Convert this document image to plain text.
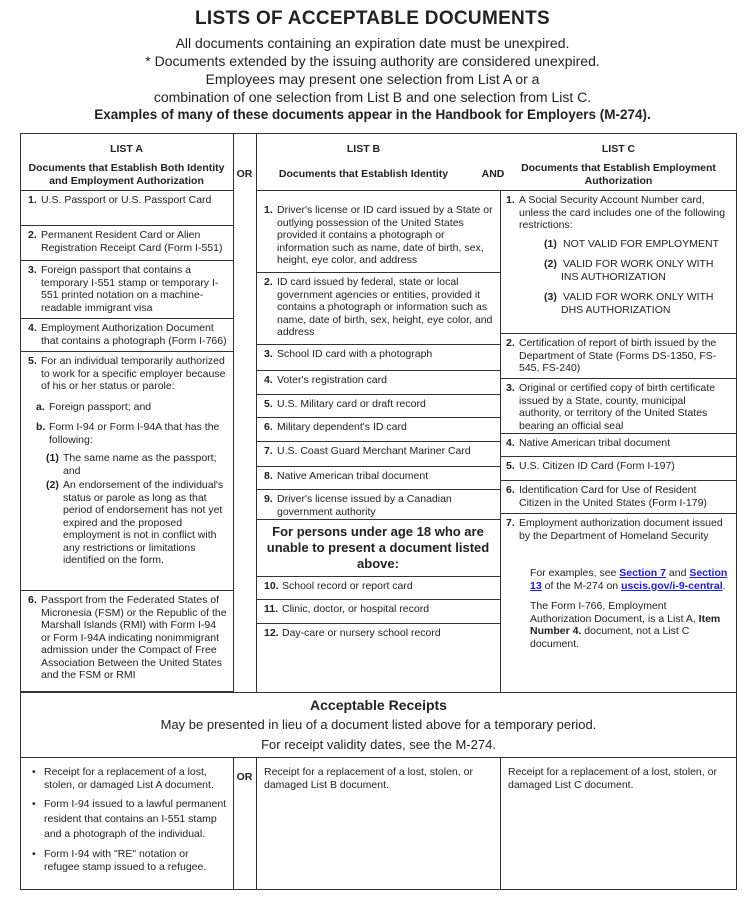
LISTS OF ACCEPTABLE DOCUMENTS
All documents containing an expiration date must be unexpired.
* Documents extended by the issuing authority are considered unexpired.
Employees may present one selection from List A or a
combination of one selection from List B and one selection from List C.
Examples of many of these documents appear in the Handbook for Employers (M-274).
LIST A
Documents that Establish Both Identity and Employment Authorization
OR
LIST B
Documents that Establish Identity	AND
LIST C
Documents that Establish Employment Authorization
For persons under age 18 who are unable to present a document listed above:
Acceptable Receipts
May be presented in lieu of a document listed above for a temporary period.
For receipt validity dates, see the M-274.
• Receipt for a replacement of a lost, stolen, or damaged List A document.
• Form I-94 issued to a lawful permanent resident that contains an I-551 stamp and a photograph of the individual.
• Form I-94 with "RE" notation or refugee stamp issued to a refugee.
OR	Receipt for a replacement of a lost, stolen, or damaged List B document.
Receipt for a replacement of a lost, stolen, or damaged List C document.
For examples, see Section 7 and Section 13 of the M-274 on uscis.gov/i-9-central.
The Form I-766, Employment Authorization Document, is a List A, Item Number 4. document, not a List C document.
1. U.S. Passport or U.S. Passport Card
2. Permanent Resident Card or Alien Registration Receipt Card (Form I-551)
3. Foreign passport that contains a temporary I-551 stamp or temporary I-551 printed notation on a machine-readable immigrant visa
4. Employment Authorization Document that contains a photograph (Form I-766)
5. For an individual temporarily authorized to work for a specific employer because of his or her status or parole:
a. Foreign passport; and
b. Form I-94 or Form I-94A that has the following:
(1) The same name as the passport; and
(2) An endorsement of the individual's status or parole as long as that period of endorsement has not yet expired and the proposed employment is not in conflict with any restrictions or limitations identified on the form.
6. Passport from the Federated States of Micronesia (FSM) or the Republic of the Marshall Islands (RMI) with Form I-94 or Form I-94A indicating nonimmigrant admission under the Compact of Free Association Between the United States and the FSM or RMI
1. Driver's license or ID card issued by a State or outlying possession of the United States provided it contains a photograph or information such as name, date of birth, sex, height, eye color, and address
2. ID card issued by federal, state or local government agencies or entities, provided it contains a photograph or information such as name, date of birth, sex, height, eye color, and address
3. School ID card with a photograph
4. Voter's registration card
5. U.S. Military card or draft record
6. Military dependent's ID card
7. U.S. Coast Guard Merchant Mariner Card
8. Native American tribal document
9. Driver's license issued by a Canadian government authority
10. School record or report card
11. Clinic, doctor, or hospital record
12. Day-care or nursery school record
1. A Social Security Account Number card, unless the card includes one of the following restrictions:
(1) NOT VALID FOR EMPLOYMENT
(2) VALID FOR WORK ONLY WITH INS AUTHORIZATION
(3) VALID FOR WORK ONLY WITH DHS AUTHORIZATION
2. Certification of report of birth issued by the Department of State (Forms DS-1350, FS-545, FS-240)
3. Original or certified copy of birth certificate issued by a State, county, municipal authority, or territory of the United States bearing an official seal
4. Native American tribal document
5. U.S. Citizen ID Card (Form I-197)
6. Identification Card for Use of Resident Citizen in the United States (Form I-179)
7. Employment authorization document issued by the Department of Homeland Security
